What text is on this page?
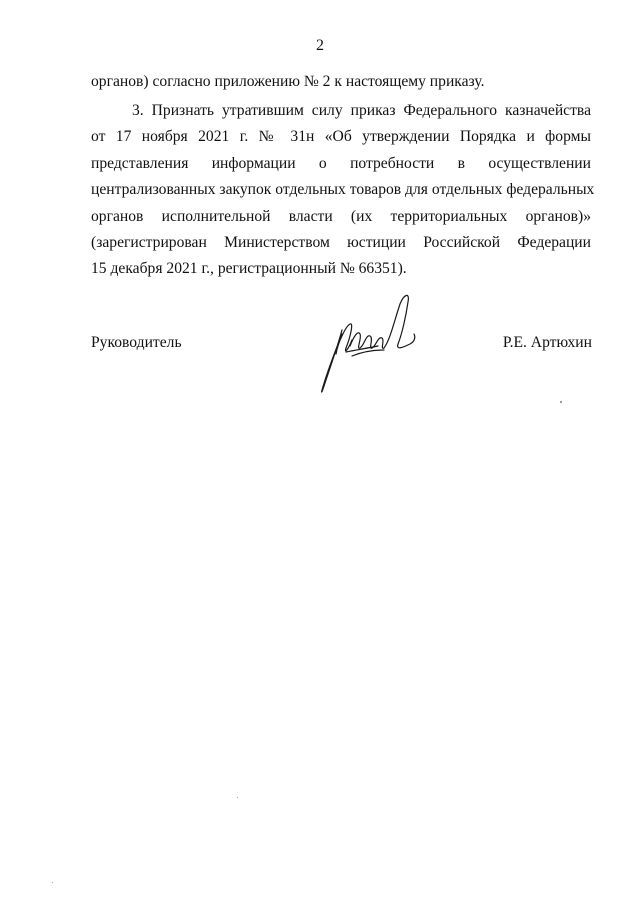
2
органов) согласно приложению № 2 к настоящему приказу.
3. Признать утратившим силу приказ Федерального казначейства
от 17 ноября 2021 г. № 31н «Об утверждении Порядка и формы
представления информации о потребности в осуществлении
централизованных закупок отдельных товаров для отдельных федеральных
органов исполнительной власти (их территориальных органов)»
(зарегистрирован Министерством юстиции Российской Федерации
15 декабря 2021 г., регистрационный № 66351).
Руководитель	Р.Е. Артюхин
